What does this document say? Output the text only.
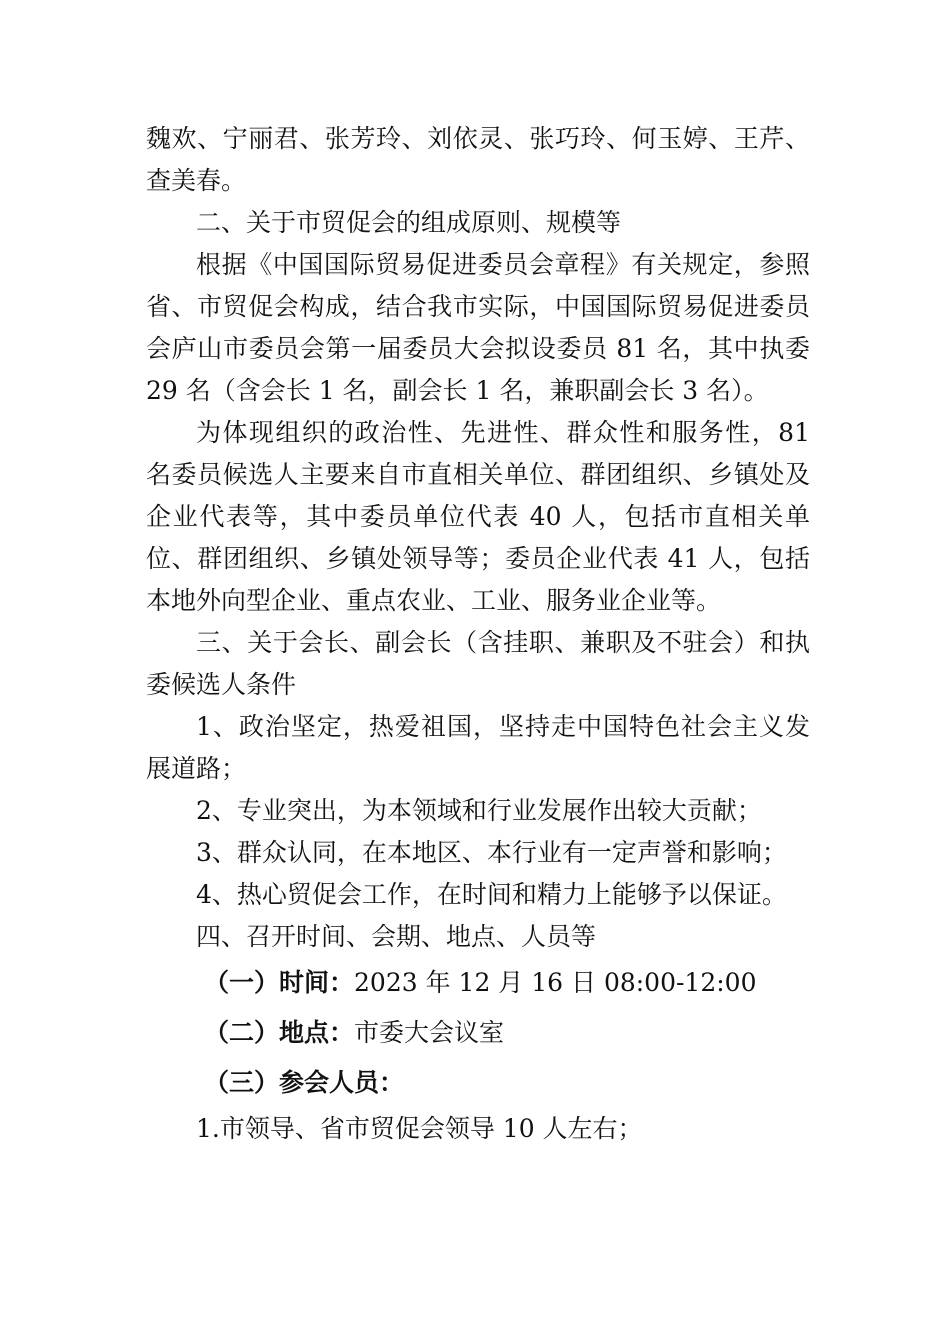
魏欢、宁丽君、张芳玲、刘依灵、张巧玲、何玉婷、王芹、查美春。

二、关于市贸促会的组成原则、规模等

根据《中国国际贸易促进委员会章程》有关规定，参照省、市贸促会构成，结合我市实际，中国国际贸易促进委员会庐山市委员会第一届委员大会拟设委员 81 名，其中执委 29 名（含会长 1 名，副会长 1 名，兼职副会长 3 名）。

为体现组织的政治性、先进性、群众性和服务性，81 名委员候选人主要来自市直相关单位、群团组织、乡镇处及企业代表等，其中委员单位代表 40 人，包括市直相关单位、群团组织、乡镇处领导等；委员企业代表 41 人，包括本地外向型企业、重点农业、工业、服务业企业等。

三、关于会长、副会长（含挂职、兼职及不驻会）和执委候选人条件

1、政治坚定，热爱祖国，坚持走中国特色社会主义发展道路；

2、专业突出，为本领域和行业发展作出较大贡献；

3、群众认同，在本地区、本行业有一定声誉和影响；

4、热心贸促会工作，在时间和精力上能够予以保证。

四、召开时间、会期、地点、人员等

（一）时间：2023 年 12 月 16 日 08:00-12:00

（二）地点：市委大会议室

（三）参会人员：

1.市领导、省市贸促会领导 10 人左右；
